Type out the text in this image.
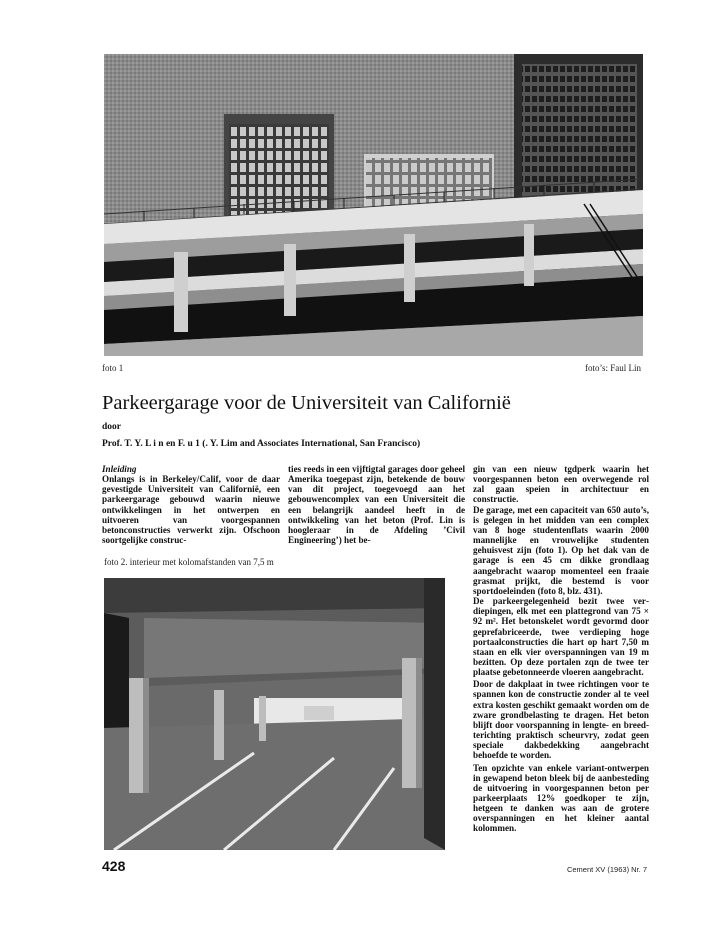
foto 1	foto’s: Faul Lin
Parkeergarage voor de Universiteit van Californië
door
Prof. T. Y. L i n en F. u 1 (. Y. Lim and Associates International, San Francisco)

Inleiding

Onlangs is in Berkeley/Calif, voor de daar gevestigde Universiteit van Californië, een parkeergarage gebouwd waarin nieuwe ontwikkelingen in het ontwerpen en uitvoeren van voorgespannen betonconstructies verwerkt zijn. Ofschoon soortgelijke construc-

ties reeds in een vijftigtal garages door geheel Amerika toegepast zijn, betekende de bouw van dit project, toegevoegd aan het gebouwencomplex van een Universiteit die een belangrijk aandeel heeft in de ontwikkeling van het beton (Prof. Lin is hoogleraar in de Afdeling ’Civil Engineering’) het be-

gin van een nieuw tgdperk waarin het voorgespannen beton een overwegende rol zal gaan speien in architectuur en constructie.

De garage, met een capaciteit van 650 auto’s, is gelegen in het midden van een complex van 8 hoge studentenflats waarin 2000 mannelijke en vrouwelijke studenten gehuisvest zijn (foto 1). Op het dak van de garage is een 45 cm dikke grondlaag aangebracht waarop momenteel een fraaie grasmat prijkt, die bestemd is voor sportdoeleinden (foto 8, blz. 431).

De parkeergelegenheid bezit twee verdiepingen, elk met een plattegrond van 75 × 92 m². Het betonskelet wordt gevormd door geprefabriceerde, twee verdieping hoge portaalconstructies die hart op hart 7,50 m staan en elk vier overspanningen van 19 m bezitten. Op deze portalen zqn de twee ter plaatse gebetonneerde vloeren aangebracht.

Door de dakplaat in twee richtingen voor te spannen kon de constructie zonder al te veel extra kosten geschikt gemaakt worden om de zware grondbelasting te dragen. Het beton blijft door voorspanning in lengte- en breedterichting praktisch scheurvry, zodat geen speciale dakbedekking aangebracht behoefde te worden.

Ten opzichte van enkele variant-ontwerpen in gewapend beton bleek bij de aanbesteding de uitvoering in voorgespannen beton per parkeerplaats 12% goedkoper te zijn, hetgeen te danken was aan de grotere overspanningen en het kleiner aantal kolommen.

foto 2. interieur met kolomafstanden van 7,5 m
428	Cement XV (1963) Nr. 7
